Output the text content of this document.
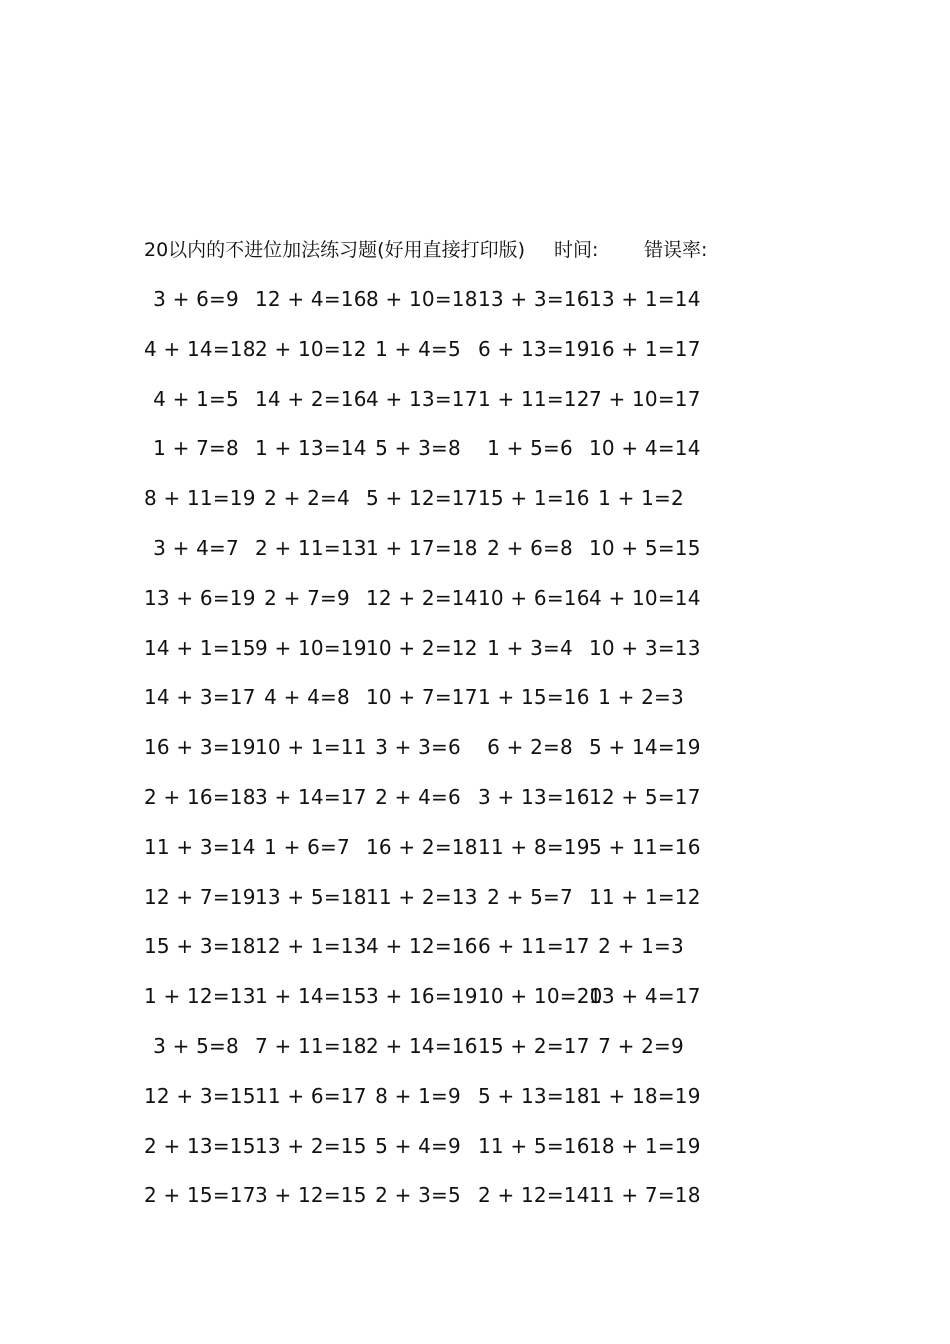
20以内的不进位加法练习题(好用直接打印版) 时间: 错误率:
3 + 6=9 12 + 4=16 8 + 10=18 13 + 3=16 13 + 1=14
4 + 14=18 2 + 10=12 1 + 4=5 6 + 13=19 16 + 1=17
4 + 1=5 14 + 2=16 4 + 13=17 1 + 11=12 7 + 10=17
1 + 7=8 1 + 13=14 5 + 3=8	1 + 5=6 10 + 4=14
8 + 11=19 2 + 2=4 5 + 12=17 15 + 1=16 1 + 1=2
3 + 4=7 2 + 11=13 1 + 17=18 2 + 6=8 10 + 5=15
13 + 6=19 2 + 7=9 12 + 2=14 10 + 6=16 4 + 10=14
14 + 1=15 9 + 10=19 10 + 2=12 1 + 3=4 10 + 3=13
14 + 3=17 4 + 4=8 10 + 7=17 1 + 15=16 1 + 2=3
16 + 3=19 10 + 1=11 3 + 3=6	6 + 2=8 5 + 14=19
2 + 16=18 3 + 14=17 2 + 4=6 3 + 13=16 12 + 5=17
11 + 3=14 1 + 6=7 16 + 2=18 11 + 8=19 5 + 11=16
12 + 7=19 13 + 5=18 11 + 2=13 2 + 5=7 11 + 1=12
15 + 3=18 12 + 1=13 4 + 12=16 6 + 11=17 2 + 1=3
1 + 12=13 1 + 14=15 3 + 16=19 10 + 10=20
13 + 4=17
3 + 5=8 7 + 11=18 2 + 14=16 15 + 2=17 7 + 2=9
12 + 3=15 11 + 6=17 8 + 1=9 5 + 13=18 1 + 18=19
2 + 13=15 13 + 2=15 5 + 4=9 11 + 5=16 18 + 1=19
2 + 15=17 3 + 12=15 2 + 3=5 2 + 12=14 11 + 7=18
